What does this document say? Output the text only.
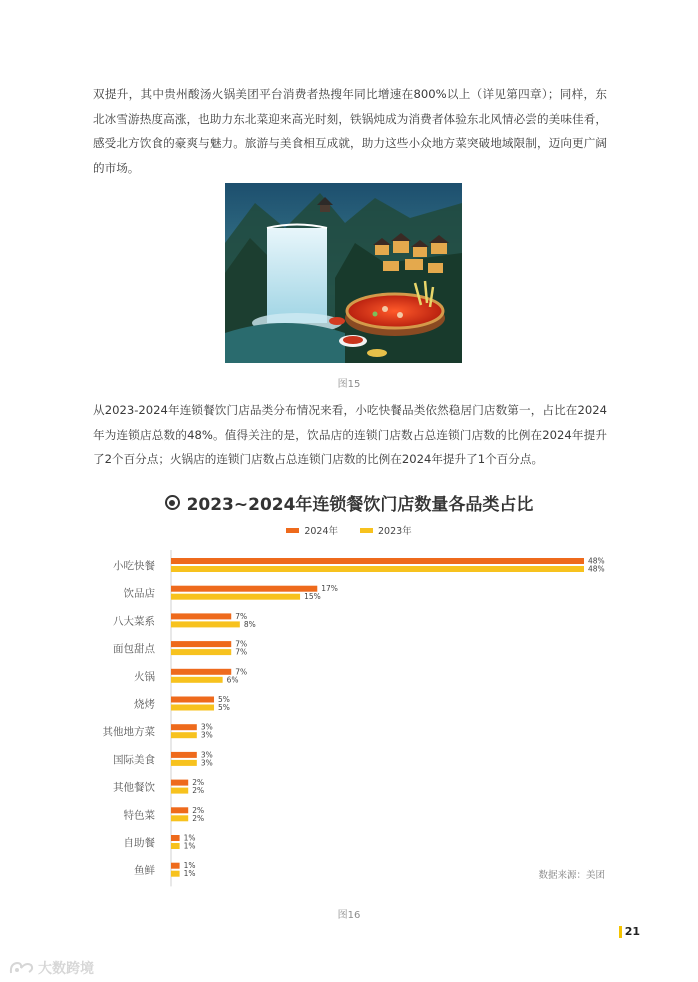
双提升，其中贵州酸汤火锅美团平台消费者热搜年同比增速在800%以上（详见第四章）；同样，东北冰雪游热度高涨，也助力东北菜迎来高光时刻，铁锅炖成为消费者体验东北风情必尝的美味佳肴，感受北方饮食的豪爽与魅力。旅游与美食相互成就，助力这些小众地方菜突破地域限制，迈向更广阔的市场。

图15

从2023-2024年连锁餐饮门店品类分布情况来看，小吃快餐品类依然稳居门店数第一，占比在2024年为连锁店总数的48%。值得关注的是，饮品店的连锁门店数占总连锁门店数的比例在2024年提升了2个百分点；火锅店的连锁门店数占总连锁门店数的比例在2024年提升了1个百分点。

2023~2024年连锁餐饮门店数量各品类占比
2024年	2023年
小吃快餐	48%
48%
饮品店	17%
15%
八大菜系	7%
8%
面包甜点	7%
7%
火锅	7%
6%
烧烤	5%
5%
其他地方菜	3%
3%
国际美食	3%
3%
其他餐饮	2%
2%
特色菜	2%
2%
自助餐	1%
1%
鱼鲜	1%
1%	数据来源：美团
图16
21
大数跨境
